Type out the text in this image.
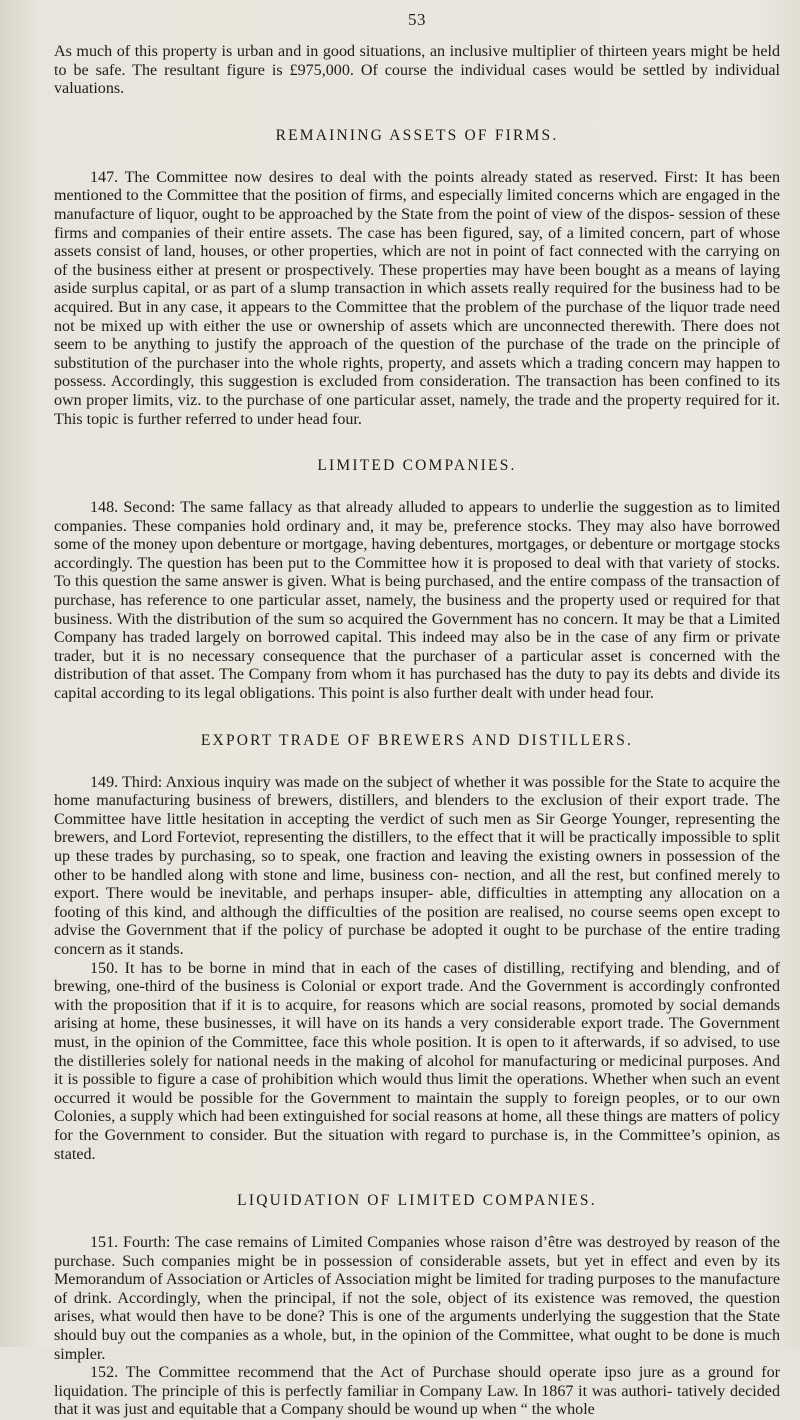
53

As much of this property is urban and in good situations, an inclusive multiplier of thirteen years might be held to be safe. The resultant figure is £975,000. Of course the individual cases would be settled by individual valuations.

REMAINING ASSETS OF FIRMS.

147. The Committee now desires to deal with the points already stated as reserved. First: It has been mentioned to the Committee that the position of firms, and especially limited concerns which are engaged in the manufacture of liquor, ought to be approached by the State from the point of view of the dispos- session of these firms and companies of their entire assets. The case has been figured, say, of a limited concern, part of whose assets consist of land, houses, or other properties, which are not in point of fact connected with the carrying on of the business either at present or prospectively. These properties may have been bought as a means of laying aside surplus capital, or as part of a slump transaction in which assets really required for the business had to be acquired. But in any case, it appears to the Committee that the problem of the purchase of the liquor trade need not be mixed up with either the use or ownership of assets which are unconnected therewith. There does not seem to be anything to justify the approach of the question of the purchase of the trade on the principle of substitution of the purchaser into the whole rights, property, and assets which a trading concern may happen to possess. Accordingly, this suggestion is excluded from consideration. The transaction has been confined to its own proper limits, viz. to the purchase of one particular asset, namely, the trade and the property required for it. This topic is further referred to under head four.

LIMITED COMPANIES.

148. Second: The same fallacy as that already alluded to appears to underlie the suggestion as to limited companies. These companies hold ordinary and, it may be, preference stocks. They may also have borrowed some of the money upon debenture or mortgage, having debentures, mortgages, or debenture or mortgage stocks accordingly. The question has been put to the Committee how it is proposed to deal with that variety of stocks. To this question the same answer is given. What is being purchased, and the entire compass of the transaction of purchase, has reference to one particular asset, namely, the business and the property used or required for that business. With the distribution of the sum so acquired the Government has no concern. It may be that a Limited Company has traded largely on borrowed capital. This indeed may also be in the case of any firm or private trader, but it is no necessary consequence that the purchaser of a particular asset is concerned with the distribution of that asset. The Company from whom it has purchased has the duty to pay its debts and divide its capital according to its legal obligations. This point is also further dealt with under head four.

EXPORT TRADE OF BREWERS AND DISTILLERS.

149. Third: Anxious inquiry was made on the subject of whether it was possible for the State to acquire the home manufacturing business of brewers, distillers, and blenders to the exclusion of their export trade. The Committee have little hesitation in accepting the verdict of such men as Sir George Younger, representing the brewers, and Lord Forteviot, representing the distillers, to the effect that it will be practically impossible to split up these trades by purchasing, so to speak, one fraction and leaving the existing owners in possession of the other to be handled along with stone and lime, business con- nection, and all the rest, but confined merely to export. There would be inevitable, and perhaps insuper- able, difficulties in attempting any allocation on a footing of this kind, and although the difficulties of the position are realised, no course seems open except to advise the Government that if the policy of purchase be adopted it ought to be purchase of the entire trading concern as it stands.

150. It has to be borne in mind that in each of the cases of distilling, rectifying and blending, and of brewing, one-third of the business is Colonial or export trade. And the Government is accordingly confronted with the proposition that if it is to acquire, for reasons which are social reasons, promoted by social demands arising at home, these businesses, it will have on its hands a very considerable export trade. The Government must, in the opinion of the Committee, face this whole position. It is open to it afterwards, if so advised, to use the distilleries solely for national needs in the making of alcohol for manufacturing or medicinal purposes. And it is possible to figure a case of prohibition which would thus limit the operations. Whether when such an event occurred it would be possible for the Government to maintain the supply to foreign peoples, or to our own Colonies, a supply which had been extinguished for social reasons at home, all these things are matters of policy for the Government to consider. But the situation with regard to purchase is, in the Committee’s opinion, as stated.

LIQUIDATION OF LIMITED COMPANIES.

151. Fourth: The case remains of Limited Companies whose raison d’être was destroyed by reason of the purchase. Such companies might be in possession of considerable assets, but yet in effect and even by its Memorandum of Association or Articles of Association might be limited for trading purposes to the manufacture of drink. Accordingly, when the principal, if not the sole, object of its existence was removed, the question arises, what would then have to be done? This is one of the arguments underlying the suggestion that the State should buy out the companies as a whole, but, in the opinion of the Committee, what ought to be done is much simpler.

152. The Committee recommend that the Act of Purchase should operate ipso jure as a ground for liquidation. The principle of this is perfectly familiar in Company Law. In 1867 it was authori- tatively decided that it was just and equitable that a Company should be wound up when “ the whole
